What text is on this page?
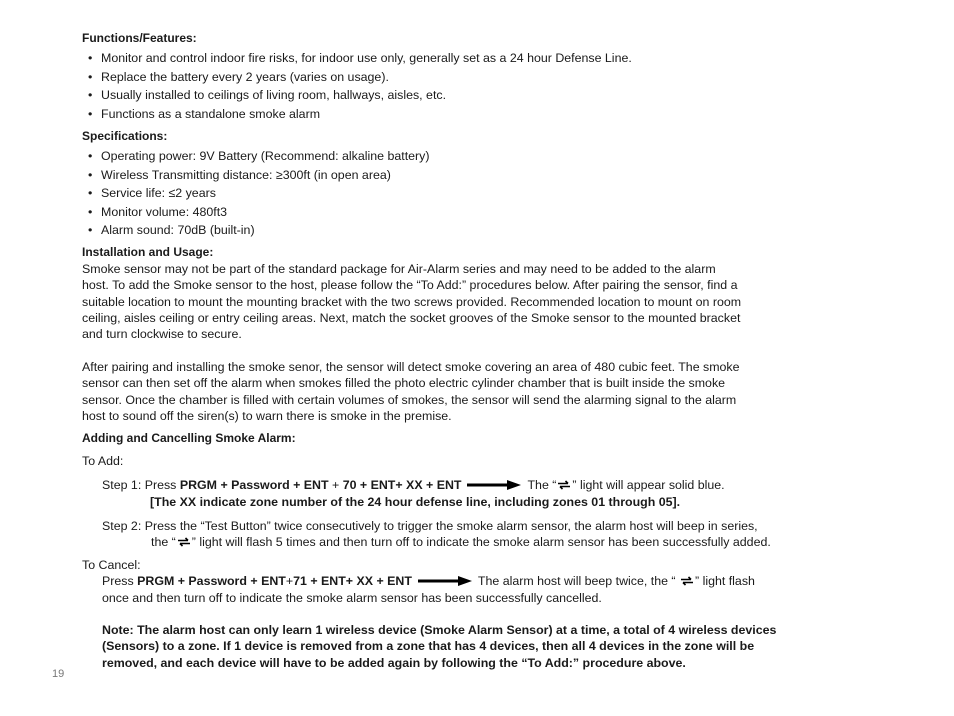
Functions/Features:
• Monitor and control indoor fire risks, for indoor use only, generally set as a 24 hour Defense Line.
• Replace the battery every 2 years (varies on usage).
• Usually installed to ceilings of living room, hallways, aisles, etc.
• Functions as a standalone smoke alarm
Specifications:
• Operating power: 9V Battery (Recommend: alkaline battery)
• Wireless Transmitting distance: ≥300ft (in open area)
• Service life: ≤2 years
• Monitor volume: 480ft3
• Alarm sound: 70dB (built-in)
Installation and Usage:

Smoke sensor may not be part of the standard package for Air-Alarm series and may need to be added to the alarm
host. To add the Smoke sensor to the host, please follow the “To Add:” procedures below. After pairing the sensor, find a
suitable location to mount the mounting bracket with the two screws provided. Recommended location to mount on room
ceiling, aisles ceiling or entry ceiling areas. Next, match the socket grooves of the Smoke sensor to the mounted bracket
and turn clockwise to secure.

After pairing and installing the smoke senor, the sensor will detect smoke covering an area of 480 cubic feet. The smoke
sensor can then set off the alarm when smokes filled the photo electric cylinder chamber that is built inside the smoke
sensor. Once the chamber is filled with certain volumes of smokes, the sensor will send the alarming signal to the alarm
host to sound off the siren(s) to warn there is smoke in the premise.

Adding and Cancelling Smoke Alarm:
To Add:
Step 1: Press PRGM + Password + ENT + 70 + ENT+ XX + ENT	The “ ” light will appear solid blue.
[The XX indicate zone number of the 24 hour defense line, including zones 01 through 05].
Step 2: Press the “Test Button” twice consecutively to trigger the smoke alarm sensor, the alarm host will beep in series,
the “ ” light will flash 5 times and then turn off to indicate the smoke alarm sensor has been successfully added.
To Cancel:
Press PRGM + Password + ENT+71 + ENT+ XX + ENT	The alarm host will beep twice, the “ ” light flash
once and then turn off to indicate the smoke alarm sensor has been successfully cancelled.

Note: The alarm host can only learn 1 wireless device (Smoke Alarm Sensor) at a time, a total of 4 wireless devices
(Sensors) to a zone. If 1 device is removed from a zone that has 4 devices, then all 4 devices in the zone will be
removed, and each device will have to be added again by following the “To Add:” procedure above.

19
